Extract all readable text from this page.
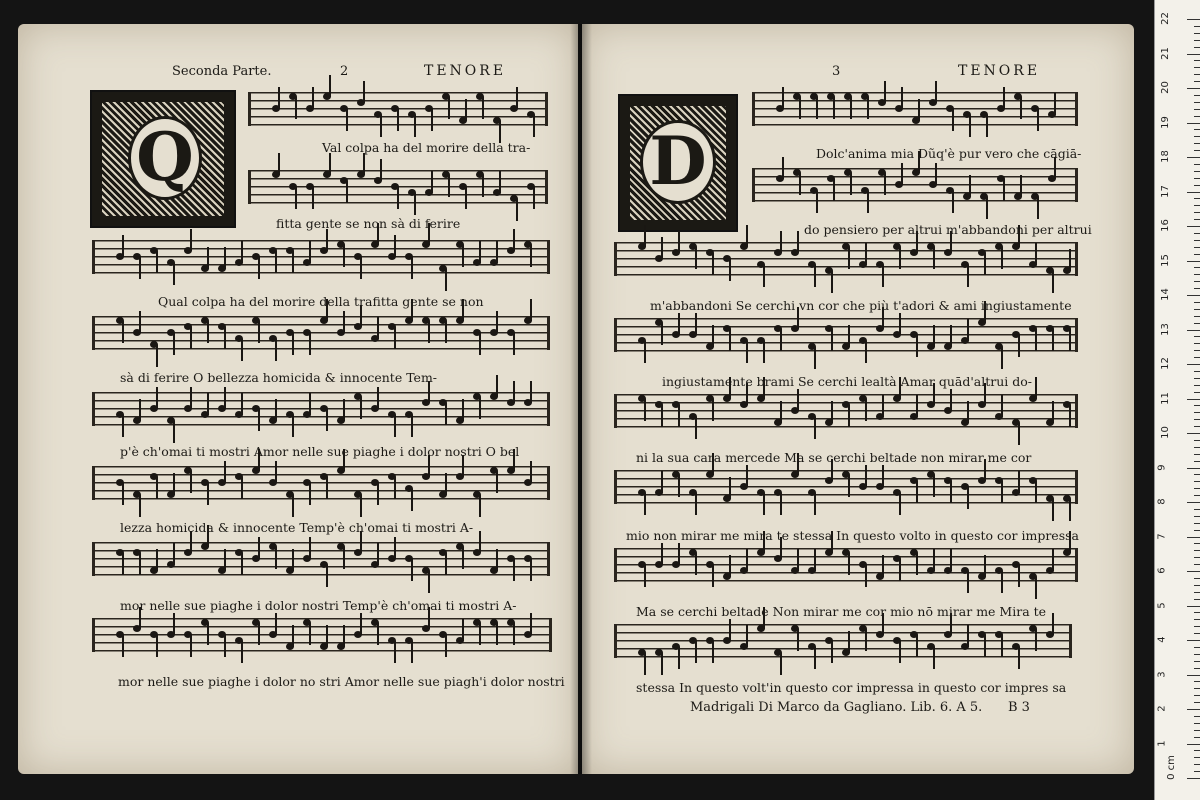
Seconda Parte.	2	TENORE	3	TENORE
Q	D
Val colpa ha del morire della tra-
fitta gente se non sà di ferire
Qual colpa ha del morire della trafitta gente se non
sà di ferire O bellezza homicida & innocente Tem-
p'è ch'omai ti mostri Amor nelle sue piaghe i dolor nostri O bel
lezza homicida & innocente Temp'è ch'omai ti mostri A-
mor nelle sue piaghe i dolor nostri Temp'è ch'omai ti mostri A-
mor nelle sue piaghe i dolor no stri Amor nelle sue piagh'i dolor nostri
Dolc'anima mia Dũq'è pur vero che cāgiā-
do pensiero per altrui m'abbandoni per altrui
m'abbandoni Se cerchi vn cor che più t'adori & ami ingiustamente
ingiustamente brami Se cerchi lealtà Amar quād'altrui do-
ni la sua cara mercede Ma se cerchi beltade non mirar me cor
mio non mirar me mira te stessa In questo volto in questo cor impressa
Ma se cerchi beltade Non mirar me cor mio nō mirar me Mira te
stessa In questo volt'in questo cor impressa in questo cor impres sa
Madrigali Di Marco da Gagliano. Lib. 6. A 5. B 3
0 cm
1
2
3
4
5
6
7
8
9
10
11
12
13
14
15
16
17
18
19
20
21
22
